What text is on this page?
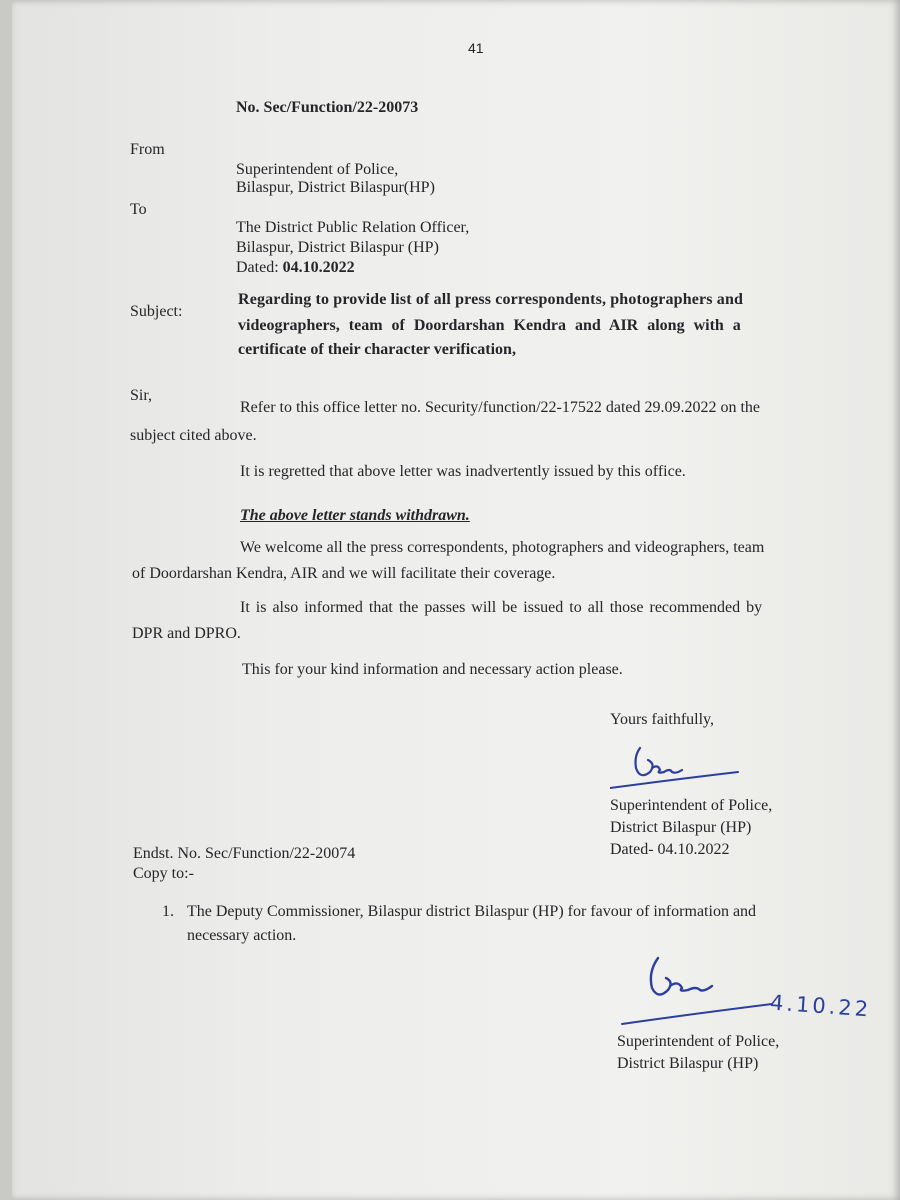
41
No. Sec/Function/22-20073
From
Superintendent of Police,
Bilaspur, District Bilaspur(HP)
To
The District Public Relation Officer,
Bilaspur, District Bilaspur (HP)
Dated: 04.10.2022
Subject:
Regarding to provide list of all press correspondents, photographers and
videographers, team of Doordarshan Kendra and AIR along with a
certificate of their character verification,
Sir,
Refer to this office letter no. Security/function/22-17522 dated 29.09.2022 on the
subject cited above.
It is regretted that above letter was inadvertently issued by this office.
The above letter stands withdrawn.
We welcome all the press correspondents, photographers and videographers, team
of Doordarshan Kendra, AIR and we will facilitate their coverage.
It is also informed that the passes will be issued to all those recommended by
DPR and DPRO.
This for your kind information and necessary action please.
Yours faithfully,
Superintendent of Police,
District Bilaspur (HP)
Dated- 04.10.2022
Endst. No. Sec/Function/22-20074
Copy to:-
1. The Deputy Commissioner, Bilaspur district Bilaspur (HP) for favour of information and
necessary action.
4.10.22
Superintendent of Police,
District Bilaspur (HP)
